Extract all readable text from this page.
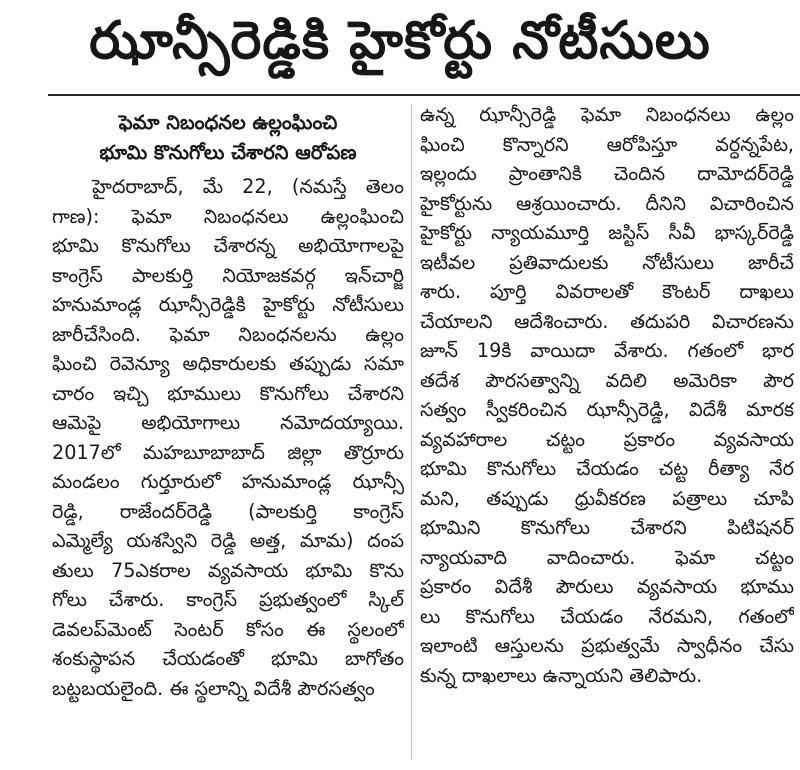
ఝాన్సీరెడ్డికి హైకోర్టు నోటీసులు
ఫెమా నిబంధనల ఉల్లంఘించి
భూమి కొనుగోలు చేశారని ఆరోపణ
హైదరాబాద్, మే 22, (నమస్తే తెలం
గాణ): ఫెమా నిబంధనలు ఉల్లంఘించి
భూమి కొనుగోలు చేశారన్న అభియోగాలపై
కాంగ్రెస్ పాలకుర్తి నియోజకవర్గ ఇన్‌చార్జి
హనుమాండ్ల ఝాన్సీరెడ్డికి హైకోర్టు నోటీసులు
జారీచేసింది. ఫెమా నిబంధనలను ఉల్లం
ఘించి రెవెన్యూ అధికారులకు తప్పుడు సమా
చారం ఇచ్చి భూములు కొనుగోలు చేశారని
ఆమెపై అభియోగాలు నమోదయ్యాయి.
2017లో మహబూబాబాద్ జిల్లా తొర్రూరు
మండలం గుర్తూరులో హనుమాండ్ల ఝాన్సీ
రెడ్డి, రాజేందర్‌రెడ్డి (పాలకుర్తి కాంగ్రెస్
ఎమ్మెల్యే యశస్విని రెడ్డి అత్త, మామ) దంప
తులు 75ఎకరాల వ్యవసాయ భూమి కొను
గోలు చేశారు. కాంగ్రెస్ ప్రభుత్వంలో స్కిల్
డెవలప్‌మెంట్ సెంటర్ కోసం ఈ స్థలంలో
శంకుస్థాపన చేయడంతో భూమి బాగోతం
బట్టబయలైంది. ఈ స్థలాన్ని విదేశీ పౌరసత్వం
ఉన్న ఝాన్సీరెడ్డి ఫెమా నిబంధనలు ఉల్లం
ఘించి కొన్నారని ఆరోపిస్తూ వర్ధన్నపేట,
ఇల్లందు ప్రాంతానికి చెందిన దామోదర్‌రెడ్డి
హైకోర్టును ఆశ్రయించారు. దీనిని విచారించిన
హైకోర్టు న్యాయమూర్తి జస్టిస్ సీవీ భాస్కర్‌రెడ్డి
ఇటీవల ప్రతివాదులకు నోటీసులు జారీచే
శారు. పూర్తి వివరాలతో కౌంటర్ దాఖలు
చేయాలని ఆదేశించారు. తదుపరి విచారణను
జూన్ 19కి వాయిదా వేశారు. గతంలో భార
తదేశ పౌరసత్వాన్ని వదిలి అమెరికా పౌర
సత్వం స్వీకరించిన ఝాన్సీరెడ్డి, విదేశీ మారక
వ్యవహారాల చట్టం ప్రకారం వ్యవసాయ
భూమి కొనుగోలు చేయడం చట్ట రీత్యా నేర
మని, తప్పుడు ధ్రువీకరణ పత్రాలు చూపి
భూమిని కొనుగోలు చేశారని పిటిషనర్
న్యాయవాది వాదించారు. ఫెమా చట్టం
ప్రకారం విదేశీ పౌరులు వ్యవసాయ భూము
లు కొనుగోలు చేయడం నేరమని, గతంలో
ఇలాంటి ఆస్తులను ప్రభుత్వమే స్వాధీనం చేసు
కున్న దాఖలాలు ఉన్నాయని తెలిపారు.
